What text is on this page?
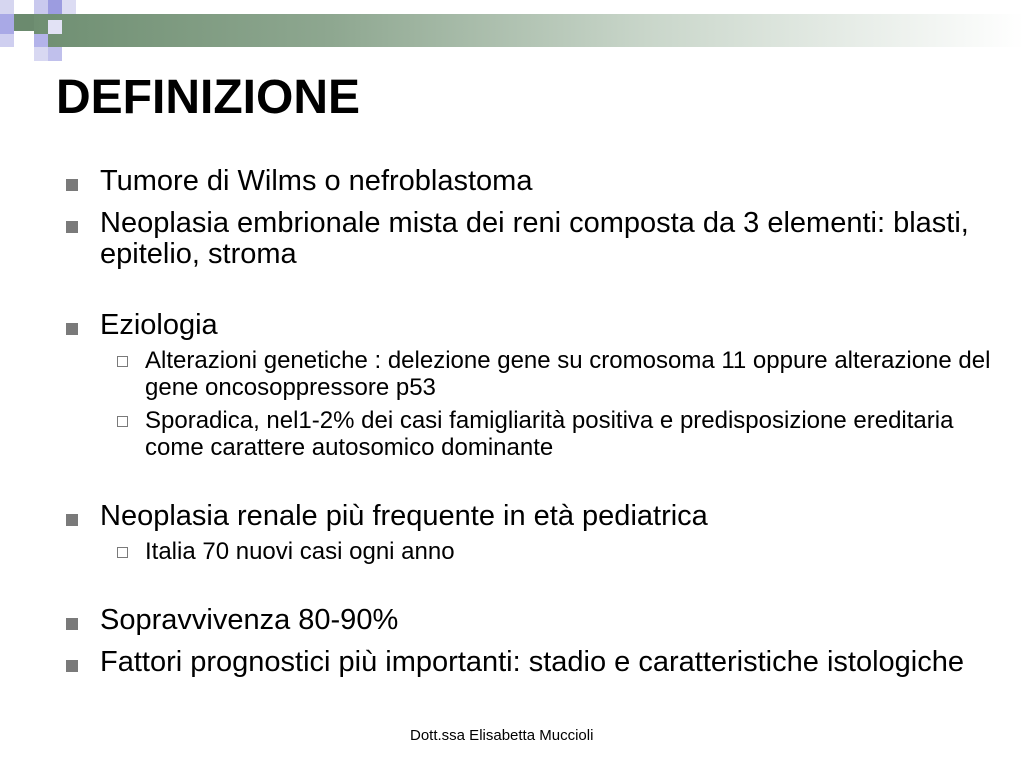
DEFINIZIONE
Tumore di Wilms o nefroblastoma
Neoplasia embrionale mista dei reni composta da 3 elementi: blasti, epitelio, stroma
Eziologia
Alterazioni genetiche : delezione gene su cromosoma 11 oppure alterazione del gene oncosoppressore p53
Sporadica, nel1-2% dei casi famigliarità positiva e predisposizione ereditaria come carattere autosomico dominante
Neoplasia renale più frequente in età pediatrica
Italia 70 nuovi casi ogni anno
Sopravvivenza 80-90%
Fattori prognostici più importanti: stadio e caratteristiche istologiche
Dott.ssa Elisabetta Muccioli
